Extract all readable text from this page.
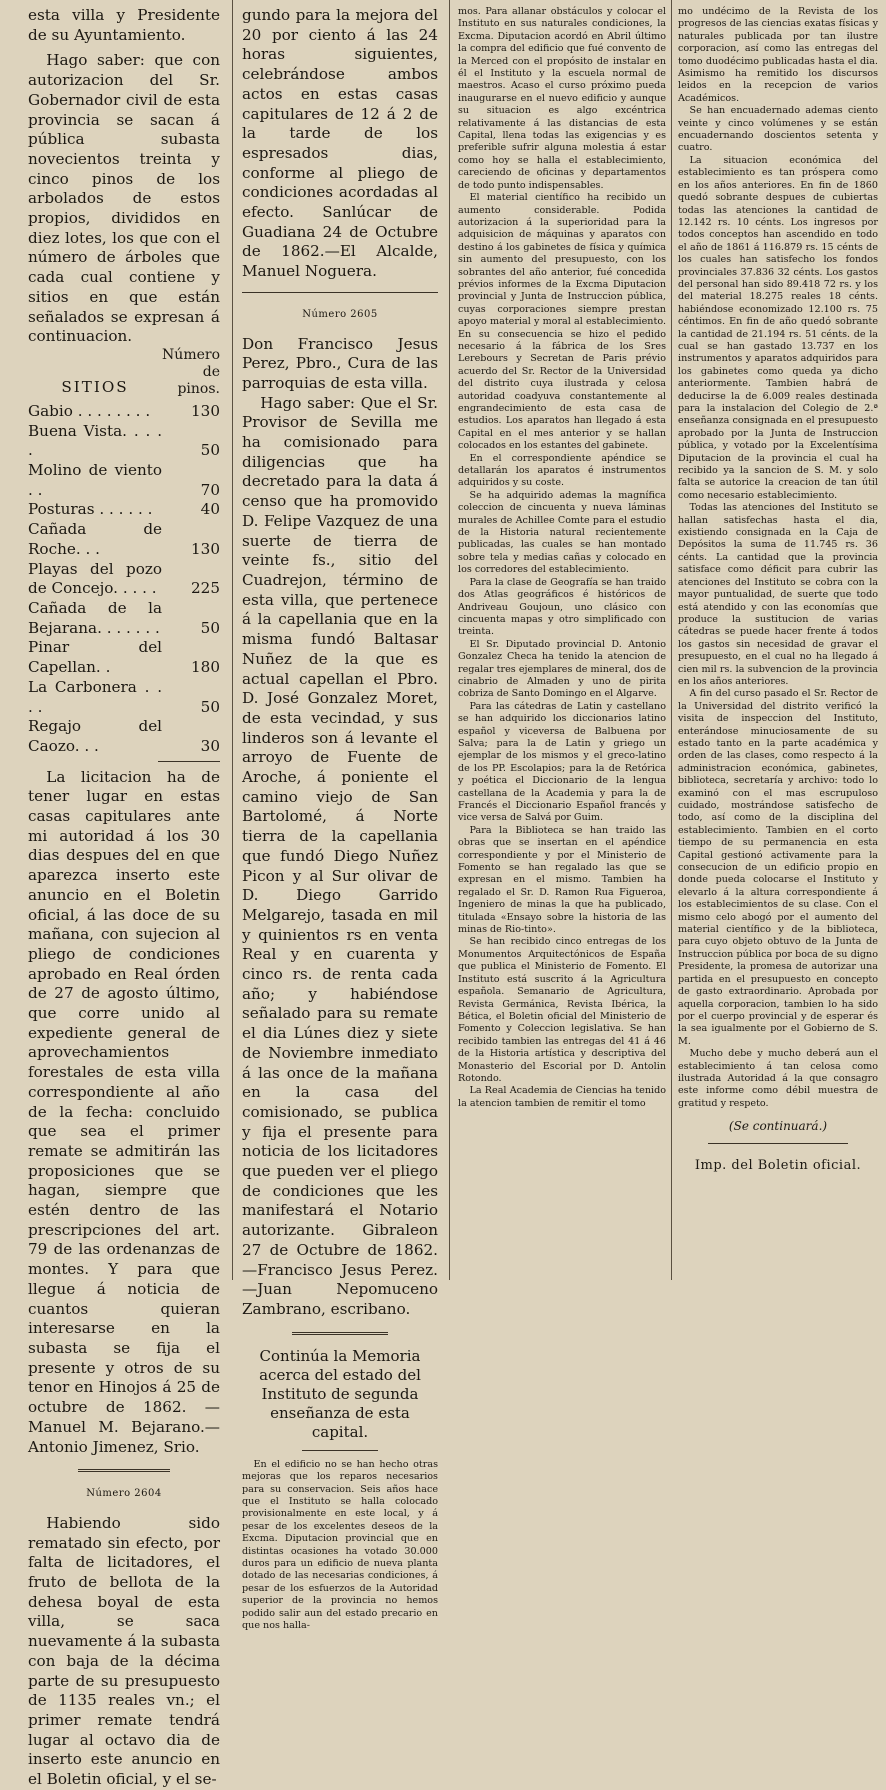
esta villa y Presidente de su Ayuntamiento.

Hago saber: que con autorizacion del Sr. Gobernador civil de esta provincia se sacan á pública subasta novecientos treinta y cinco pinos de los arbolados de estos propios, divididos en diez lotes, los que con el número de árboles que cada cual contiene y sitios en que están señalados se expresan á continuacion.

SITIOS	Número de pinos.
Gabio . . . . . . . .	130
Buena Vista. . . . .	50
Molino de viento . .	70
Posturas . . . . . .	40
Cañada de Roche. . .	130
Playas del pozo de Concejo. . . . .	225
Cañada de la Bejarana. . . . . . .	50
Pinar del Capellan. .	180
La Carbonera . . . .	50
Regajo del Caozo. . .	30

La licitacion ha de tener lugar en estas casas capitulares ante mi autoridad á los 30 dias despues del en que aparezca inserto este anuncio en el Boletin oficial, á las doce de su mañana, con sujecion al pliego de condiciones aprobado en Real órden de 27 de agosto último, que corre unido al expediente general de aprovechamientos forestales de esta villa correspondiente al año de la fecha: concluido que sea el primer remate se admitirán las proposiciones que se hagan, siempre que estén dentro de las prescripciones del art. 79 de las ordenanzas de montes. Y para que llegue á noticia de cuantos quieran interesarse en la subasta se fija el presente y otros de su tenor en Hinojos á 25 de octubre de 1862. —Manuel M. Bejarano.—Antonio Jimenez, Srio.

Número 2604

Habiendo sido rematado sin efecto, por falta de licitadores, el fruto de bellota de la dehesa boyal de esta villa, se saca nuevamente á la subasta con baja de la décima parte de su presupuesto de 1135 reales vn.; el primer remate tendrá lugar al octavo dia de inserto este anuncio en el Boletin oficial, y el se-

gundo para la mejora del 20 por ciento á las 24 horas siguientes, celebrándose ambos actos en estas casas capitulares de 12 á 2 de la tarde de los espresados dias, conforme al pliego de condiciones acordadas al efecto. Sanlúcar de Guadiana 24 de Octubre de 1862.—El Alcalde, Manuel Noguera.

Número 2605

Don Francisco Jesus Perez, Pbro., Cura de las parroquias de esta villa.

Hago saber: Que el Sr. Provisor de Sevilla me ha comisionado para diligencias que ha decretado para la data á censo que ha promovido D. Felipe Vazquez de una suerte de tierra de veinte fs., sitio del Cuadrejon, término de esta villa, que pertenece á la capellania que en la misma fundó Baltasar Nuñez de la que es actual capellan el Pbro. D. José Gonzalez Moret, de esta vecindad, y sus linderos son á levante el arroyo de Fuente de Aroche, á poniente el camino viejo de San Bartolomé, á Norte tierra de la capellania que fundó Diego Nuñez Picon y al Sur olivar de D. Diego Garrido Melgarejo, tasada en mil y quinientos rs en venta Real y en cuarenta y cinco rs. de renta cada año; y habiéndose señalado para su remate el dia Lúnes diez y siete de Noviembre inmediato á las once de la mañana en la casa del comisionado, se publica y fija el presente para noticia de los licitadores que pueden ver el pliego de condiciones que les manifestará el Notario autorizante. Gibraleon 27 de Octubre de 1862.—Francisco Jesus Perez.—Juan Nepomuceno Zambrano, escribano.

Continúa la Memoria acerca del estado del Instituto de segunda enseñanza de esta capital.

En el edificio no se han hecho otras mejoras que los reparos necesarios para su conservacion. Seis años hace que el Instituto se halla colocado provisionalmente en este local, y á pesar de los excelentes deseos de la Excma. Diputacion provincial que en distintas ocasiones ha votado 30.000 duros para un edificio de nueva planta dotado de las necesarias condiciones, á pesar de los esfuerzos de la Autoridad superior de la provincia no hemos podido salir aun del estado precario en que nos halla-

mos. Para allanar obstáculos y colocar el Instituto en sus naturales condiciones, la Excma. Diputacion acordó en Abril último la compra del edificio que fué convento de la Merced con el propósito de instalar en él el Instituto y la escuela normal de maestros. Acaso el curso próximo pueda inaugurarse en el nuevo edificio y aunque su situacion es algo excéntrica relativamente á las distancias de esta Capital, llena todas las exigencias y es preferible sufrir alguna molestia á estar como hoy se halla el establecimiento, careciendo de oficinas y departamentos de todo punto indispensables.

El material científico ha recibido un aumento considerable. Podida autorizacion á la superioridad para la adquisicion de máquinas y aparatos con destino á los gabinetes de física y química sin aumento del presupuesto, con los sobrantes del año anterior, fué concedida prévios informes de la Excma Diputacion provincial y Junta de Instruccion pública, cuyas corporaciones siempre prestan apoyo material y moral al establecimiento. En su consecuencia se hizo el pedido necesario á la fábrica de los Sres Lerebours y Secretan de Paris prévio acuerdo del Sr. Rector de la Universidad del distrito cuya ilustrada y celosa autoridad coadyuva constantemente al engrandecimiento de esta casa de estudios. Los aparatos han llegado á esta Capital en el mes anterior y se hallan colocados en los estantes del gabinete.

En el correspondiente apéndice se detallarán los aparatos é instrumentos adquiridos y su coste.

Se ha adquirido ademas la magnífica coleccion de cincuenta y nueva láminas murales de Achillee Comte para el estudio de la Historia natural recientemente publicadas, las cuales se han montado sobre tela y medias cañas y colocado en los corredores del establecimiento.

Para la clase de Geografía se han traido dos Atlas geográficos é históricos de Andriveau Goujoun, uno clásico con cincuenta mapas y otro simplificado con treinta.

El Sr. Diputado provincial D. Antonio Gonzalez Checa ha tenido la atencion de regalar tres ejemplares de mineral, dos de cinabrio de Almaden y uno de pirita cobriza de Santo Domingo en el Algarve.

Para las cátedras de Latin y castellano se han adquirido los diccionarios latino español y viceversa de Balbuena por Salva; para la de Latin y griego un ejemplar de los mismos y el greco-latino de los PP. Escolapios; para la de Retórica y poética el Diccionario de la lengua castellana de la Academia y para la de Francés el Diccionario Español francés y vice versa de Salvá por Guim.

Para la Biblioteca se han traido las obras que se insertan en el apéndice correspondiente y por el Ministerio de Fomento se han regalado las que se expresan en el mismo. Tambien ha regalado el Sr. D. Ramon Rua Figueroa, Ingeniero de minas la que ha publicado, titulada «Ensayo sobre la historia de las minas de Rio-tinto».

Se han recibido cinco entregas de los Monumentos Arquitectónicos de España que publica el Ministerio de Fomento. El Instituto está suscrito á la Agricultura española. Semanario de Agricultura, Revista Germánica, Revista Ibérica, la Bética, el Boletin oficial del Ministerio de Fomento y Coleccion legislativa. Se han recibido tambien las entregas del 41 á 46 de la Historia artística y descriptiva del Monasterio del Escorial por D. Antolin Rotondo.

La Real Academia de Ciencias ha tenido la atencion tambien de remitir el tomo

mo undécimo de la Revista de los progresos de las ciencias exatas físicas y naturales publicada por tan ilustre corporacion, así como las entregas del tomo duodécimo publicadas hasta el dia. Asimismo ha remitido los discursos leidos en la recepcion de varios Académicos.

Se han encuadernado ademas ciento veinte y cinco volúmenes y se están encuadernando doscientos setenta y cuatro.

La situacion económica del establecimiento es tan próspera como en los años anteriores. En fin de 1860 quedó sobrante despues de cubiertas todas las atenciones la cantidad de 12.142 rs. 10 cénts. Los ingresos por todos conceptos han ascendido en todo el año de 1861 á 116.879 rs. 15 cénts de los cuales han satisfecho los fondos provinciales 37.836 32 cénts. Los gastos del personal han sido 89.418 72 rs. y los del material 18.275 reales 18 cénts. habiéndose economizado 12.100 rs. 75 céntimos. En fin de año quedó sobrante la cantidad de 21.194 rs. 51 cénts. de la cual se han gastado 13.737 en los instrumentos y aparatos adquiridos para los gabinetes como queda ya dicho anteriormente. Tambien habrá de deducirse la de 6.009 reales destinada para la instalacion del Colegio de 2.ª enseñanza consignada en el presupuesto aprobado por la Junta de Instruccion pública, y votado por la Excelentísima Diputacion de la provincia el cual ha recibido ya la sancion de S. M. y solo falta se autorice la creacion de tan útil como necesario establecimiento.

Todas las atenciones del Instituto se hallan satisfechas hasta el dia, existiendo consignada en la Caja de Depósitos la suma de 11.745 rs. 36 cénts. La cantidad que la provincia satisface como déficit para cubrir las atenciones del Instituto se cobra con la mayor puntualidad, de suerte que todo está atendido y con las economías que produce la sustitucion de varias cátedras se puede hacer frente á todos los gastos sin necesidad de gravar el presupuesto, en el cual no ha llegado á cien mil rs. la subvencion de la provincia en los años anteriores.

A fin del curso pasado el Sr. Rector de la Universidad del distrito verificó la visita de inspeccion del Instituto, enterándose minuciosamente de su estado tanto en la parte académica y orden de las clases, como respecto á la administracion económica, gabinetes, biblioteca, secretaría y archivo: todo lo examinó con el mas escrupuloso cuidado, mostrándose satisfecho de todo, así como de la disciplina del establecimiento. Tambien en el corto tiempo de su permanencia en esta Capital gestionó activamente para la consecucion de un edificio propio en donde pueda colocarse el Instituto y elevarlo á la altura correspondiente á los establecimientos de su clase. Con el mismo celo abogó por el aumento del material científico y de la biblioteca, para cuyo objeto obtuvo de la Junta de Instruccion pública por boca de su digno Presidente, la promesa de autorizar una partida en el presupuesto en concepto de gasto extraordinario. Aprobada por aquella corporacion, tambien lo ha sido por el cuerpo provincial y de esperar és la sea igualmente por el Gobierno de S. M.

Mucho debe y mucho deberá aun el establecimiento á tan celosa como ilustrada Autoridad á la que consagro este informe como débil muestra de gratitud y respeto.

(Se continuará.)

Imp. del Boletin oficial.
